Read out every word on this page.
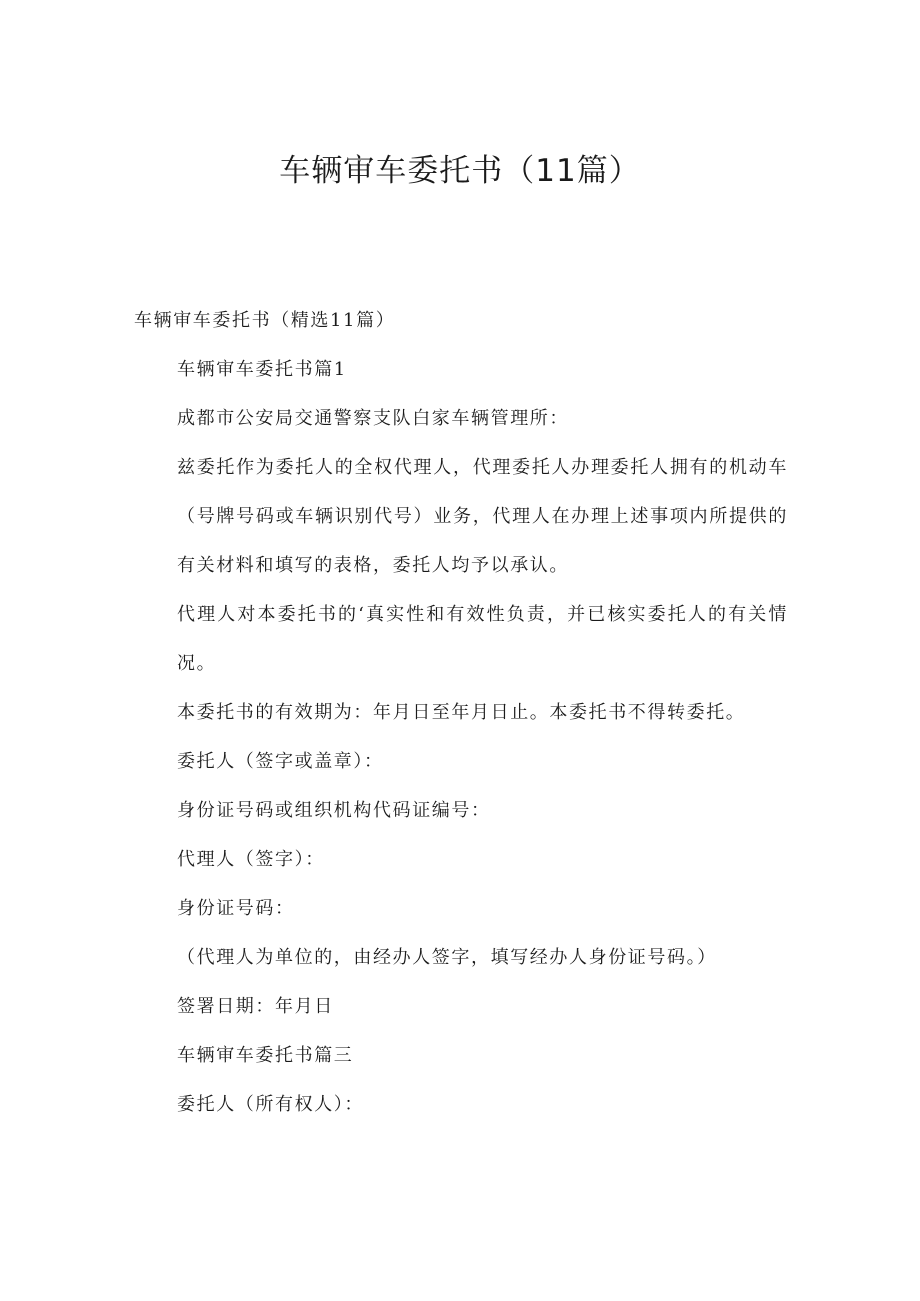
车辆审车委托书（11篇）

车辆审车委托书（精选11篇）

车辆审车委托书篇1

成都市公安局交通警察支队白家车辆管理所：

兹委托作为委托人的全权代理人，代理委托人办理委托人拥有的机动车（号牌号码或车辆识别代号）业务，代理人在办理上述事项内所提供的有关材料和填写的表格，委托人均予以承认。

代理人对本委托书的‘真实性和有效性负责，并已核实委托人的有关情况。

本委托书的有效期为：年月日至年月日止。本委托书不得转委托。

委托人（签字或盖章）：

身份证号码或组织机构代码证编号：

代理人（签字）：

身份证号码：

（代理人为单位的，由经办人签字，填写经办人身份证号码。）

签署日期：年月日

车辆审车委托书篇三

委托人（所有权人）：
